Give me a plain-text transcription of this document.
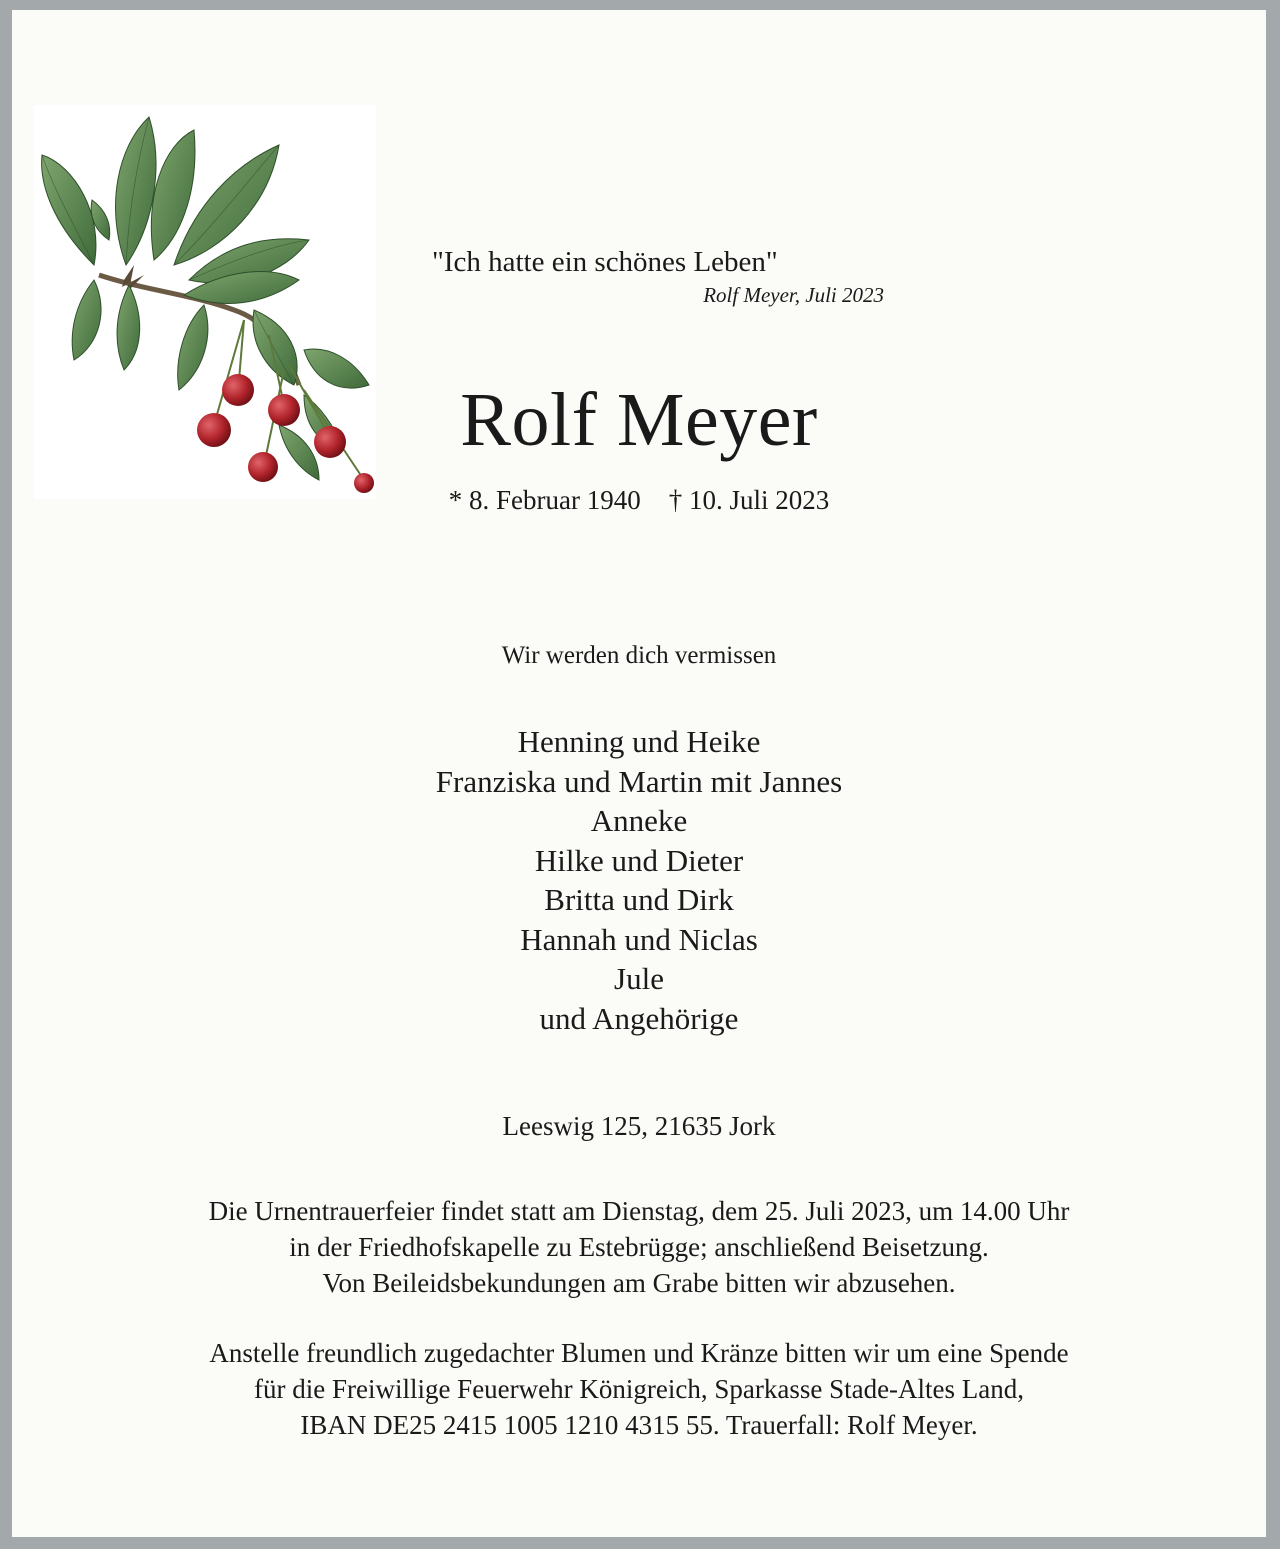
"Ich hatte ein schönes Leben"
Rolf Meyer, Juli 2023
Rolf Meyer
* 8. Februar 1940 † 10. Juli 2023
Wir werden dich vermissen
Henning und Heike
Franziska und Martin mit Jannes
Anneke
Hilke und Dieter
Britta und Dirk
Hannah und Niclas
Jule
und Angehörige
Leeswig 125, 21635 Jork
Die Urnentrauerfeier findet statt am Dienstag, dem 25. Juli 2023, um 14.00 Uhr
in der Friedhofskapelle zu Estebrügge; anschließend Beisetzung.
Von Beileidsbekundungen am Grabe bitten wir abzusehen.
Anstelle freundlich zugedachter Blumen und Kränze bitten wir um eine Spende
für die Freiwillige Feuerwehr Königreich, Sparkasse Stade-Altes Land,
IBAN DE25 2415 1005 1210 4315 55. Trauerfall: Rolf Meyer.
